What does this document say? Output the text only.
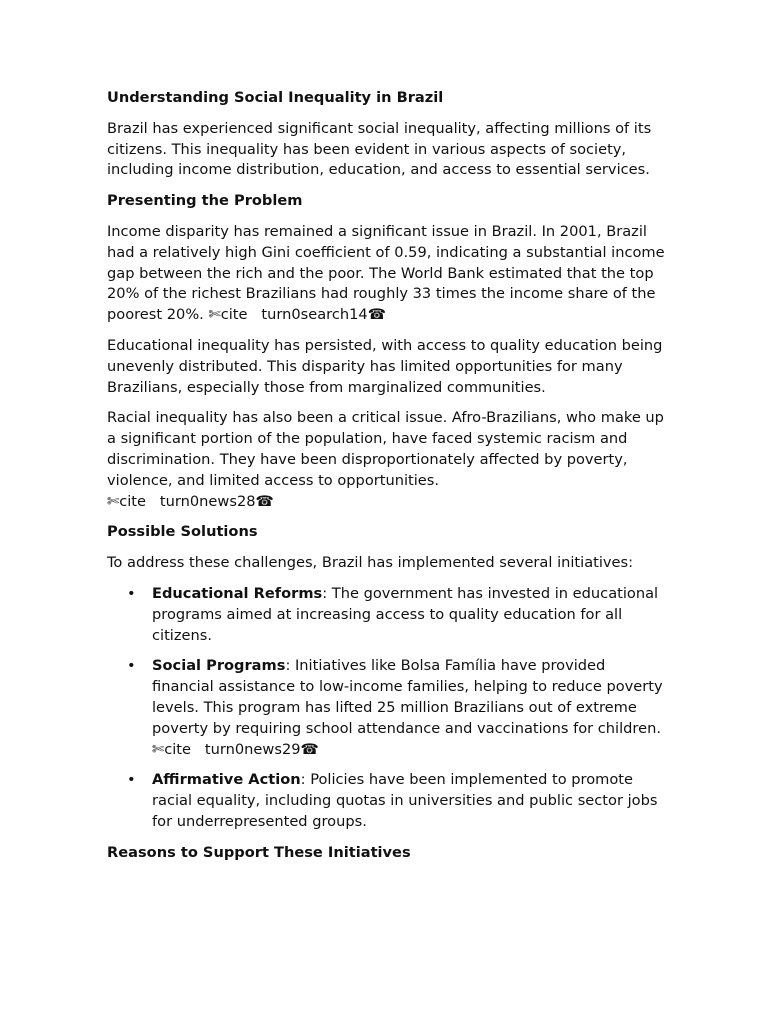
Understanding Social Inequality in Brazil

Brazil has experienced significant social inequality, affecting millions of its citizens. This inequality has been evident in various aspects of society, including income distribution, education, and access to essential services.

Presenting the Problem

Income disparity has remained a significant issue in Brazil. In 2001, Brazil had a relatively high Gini coefficient of 0.59, indicating a substantial income gap between the rich and the poor. The World Bank estimated that the top 20% of the richest Brazilians had roughly 33 times the income share of the poorest 20%. ✄cite   turn0search14☎

Educational inequality has persisted, with access to quality education being unevenly distributed. This disparity has limited opportunities for many Brazilians, especially those from marginalized communities.

Racial inequality has also been a critical issue. Afro-Brazilians, who make up a significant portion of the population, have faced systemic racism and discrimination. They have been disproportionately affected by poverty, violence, and limited access to opportunities.
✄cite   turn0news28☎

Possible Solutions

To address these challenges, Brazil has implemented several initiatives:

• Educational Reforms: The government has invested in educational programs aimed at increasing access to quality education for all citizens.
• Social Programs: Initiatives like Bolsa Família have provided financial assistance to low-income families, helping to reduce poverty levels. This program has lifted 25 million Brazilians out of extreme poverty by requiring school attendance and vaccinations for children. ✄cite   turn0news29☎
• Affirmative Action: Policies have been implemented to promote racial equality, including quotas in universities and public sector jobs for underrepresented groups.
Reasons to Support These Initiatives
